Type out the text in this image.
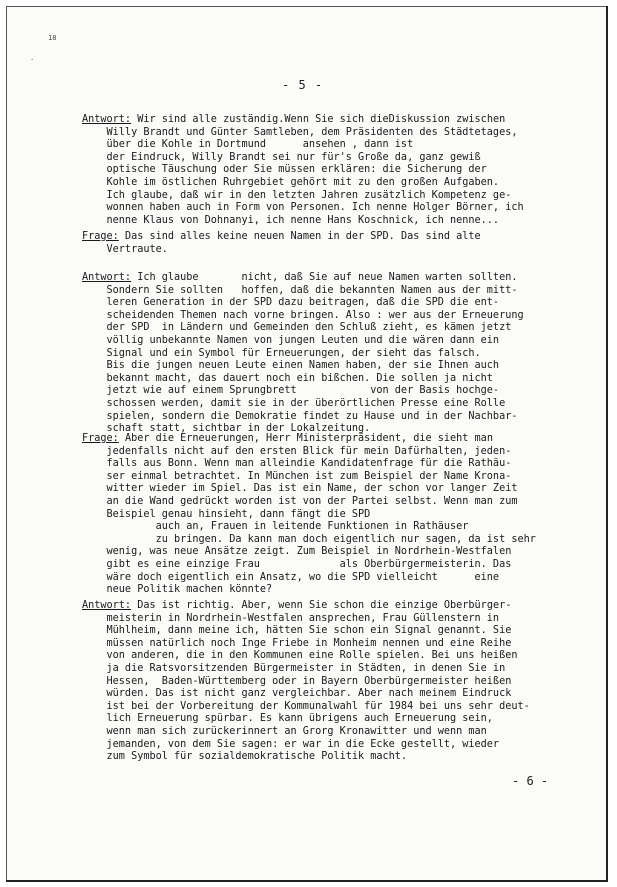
18
·
- 5 -
Antwort: Wir sind alle zuständig.Wenn Sie sich dieDiskussion zwischen
Willy Brandt und Günter Samtleben, dem Präsidenten des Städtetages,
über die Kohle in Dortmund      ansehen , dann ist
der Eindruck, Willy Brandt sei nur für's Große da, ganz gewiß
optische Täuschung oder Sie müssen erklären: die Sicherung der
Kohle im östlichen Ruhrgebiet gehört mit zu den großen Aufgaben.
Ich glaube, daß wir in den letzten Jahren zusätzlich Kompetenz ge-
wonnen haben auch in Form von Personen. Ich nenne Holger Börner, ich
nenne Klaus von Dohnanyi, ich nenne Hans Koschnick, ich nenne...
Frage: Das sind alles keine neuen Namen in der SPD. Das sind alte
Vertraute.
Antwort: Ich glaube       nicht, daß Sie auf neue Namen warten sollten.
Sondern Sie sollten   hoffen, daß die bekannten Namen aus der mitt-
leren Generation in der SPD dazu beitragen, daß die SPD die ent-
scheidenden Themen nach vorne bringen. Also : wer aus der Erneuerung
der SPD  in Ländern und Gemeinden den Schluß zieht, es kämen jetzt
völlig unbekannte Namen von jungen Leuten und die wären dann ein
Signal und ein Symbol für Erneuerungen, der sieht das falsch.
Bis die jungen neuen Leute einen Namen haben, der sie Ihnen auch
bekannt macht, das dauert noch ein bißchen. Die sollen ja nicht
jetzt wie auf einem Sprungbrett            von der Basis hochge-
schossen werden, damit sie in der überörtlichen Presse eine Rolle
spielen, sondern die Demokratie findet zu Hause und in der Nachbar-
schaft statt, sichtbar in der Lokalzeitung.
Frage: Aber die Erneuerungen, Herr Ministerpräsident, die sieht man
jedenfalls nicht auf den ersten Blick für mein Dafürhalten, jeden-
falls aus Bonn. Wenn man alleindie Kandidatenfrage für die Rathäu-
ser einmal betrachtet. In München ist zum Beispiel der Name Krona-
witter wieder im Spiel. Das ist ein Name, der schon vor langer Zeit
an die Wand gedrückt worden ist von der Partei selbst. Wenn man zum
Beispiel genau hinsieht, dann fängt die SPD
auch an, Frauen in leitende Funktionen in Rathäuser
zu bringen. Da kann man doch eigentlich nur sagen, da ist sehr
wenig, was neue Ansätze zeigt. Zum Beispiel in Nordrhein-Westfalen
gibt es eine einzige Frau             als Oberbürgermeisterin. Das
wäre doch eigentlich ein Ansatz, wo die SPD vielleicht      eine
neue Politik machen könnte?
Antwort: Das ist richtig. Aber, wenn Sie schon die einzige Oberbürger-
meisterin in Nordrhein-Westfalen ansprechen, Frau Güllenstern in
Mühlheim, dann meine ich, hätten Sie schon ein Signal genannt. Sie
müssen natürlich noch Inge Friebe in Monheim nennen und eine Reihe
von anderen, die in den Kommunen eine Rolle spielen. Bei uns heißen
ja die Ratsvorsitzenden Bürgermeister in Städten, in denen Sie in
Hessen,  Baden-Württemberg oder in Bayern Oberbürgermeister heißen
würden. Das ist nicht ganz vergleichbar. Aber nach meinem Eindruck
ist bei der Vorbereitung der Kommunalwahl für 1984 bei uns sehr deut-
lich Erneuerung spürbar. Es kann übrigens auch Erneuerung sein,
wenn man sich zurückerinnert an Grorg Kronawitter und wenn man
jemanden, von dem Sie sagen: er war in die Ecke gestellt, wieder
zum Symbol für sozialdemokratische Politik macht.
- 6 -
